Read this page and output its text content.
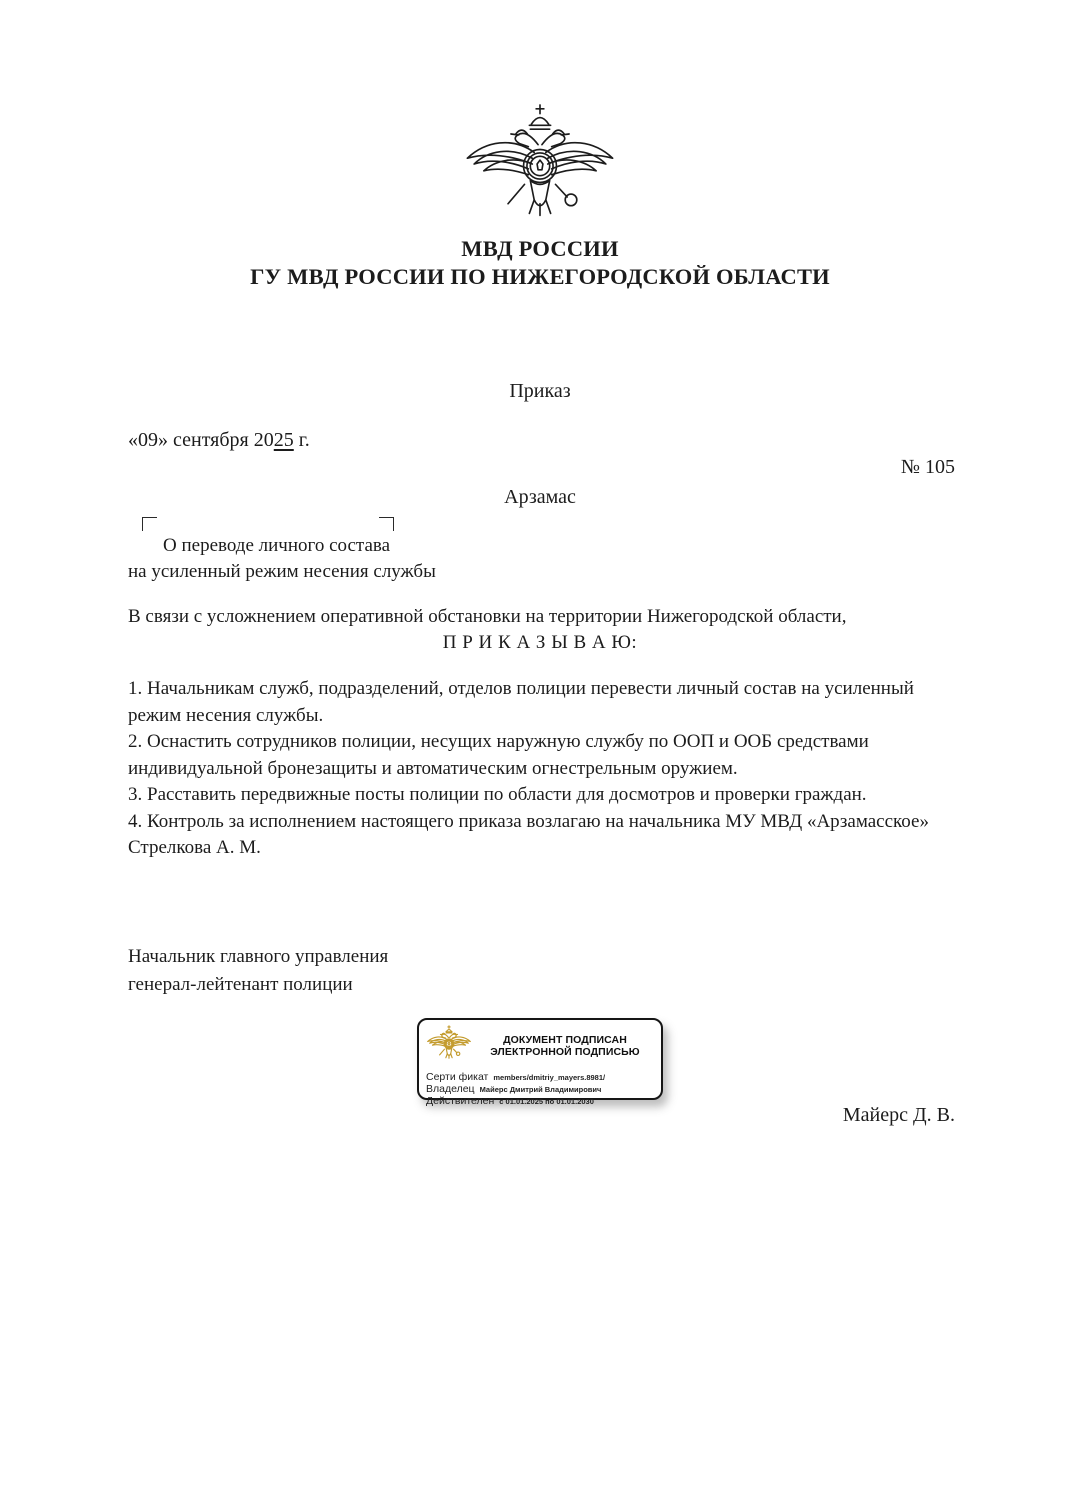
МВД РОССИИ
ГУ МВД РОССИИ ПО НИЖЕГОРОДСКОЙ ОБЛАСТИ
Приказ
«09» сентября 2025 г.
№ 105
Арзамас
О переводе личного состава
на усиленный режим несения службы
В связи с усложнением оперативной обстановки на территории Нижегородской области,
П Р И К А З Ы В А Ю:

1. Начальникам служб, подразделений, отделов полиции перевести личный состав на усиленный режим несения службы.

2. Оснастить сотрудников полиции, несущих наружную службу по ООП и ООБ средствами индивидуальной бронезащиты и автоматическим огнестрельным оружием.

3. Расставить передвижные посты полиции по области для досмотров и проверки граждан.

4. Контроль за исполнением настоящего приказа возлагаю на начальника МУ МВД «Арзамасское» Стрелкова А. М.

Начальник главного управления
генерал-лейтенант полиции
ДОКУМЕНТ ПОДПИСАН
ЭЛЕКТРОННОЙ ПОДПИСЬЮ
Серти фикат members/dmitriy_mayers.8981/
Владелец Майерс Дмитрий Владимирович
Действителен с 01.01.2025 по 01.01.2030
Майерс Д. В.
